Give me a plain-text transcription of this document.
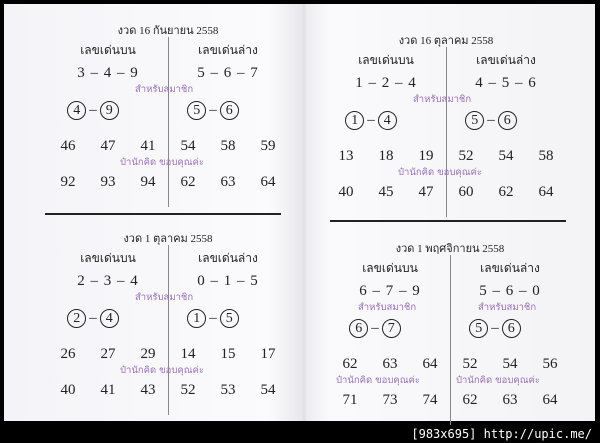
งวด 16 กันยายน 2558
เลขเด่นบน	เลขเด่นล่าง
3 – 4 – 9	5 – 6 – 7
4 – 9
46 47 41
92 93 94
5 – 6
54 58 59
62 63 64
งวด 16 ตุลาคม 2558
เลขเด่นบน	เลขเด่นล่าง
1 – 2 – 4	4 – 5 – 6
1 – 4
13 18 19
40 45 47
5 – 6
52 54 58
60 62 64
งวด 1 ตุลาคม 2558
เลขเด่นบน	เลขเด่นล่าง
2 – 3 – 4	0 – 1 – 5
2 – 4
26 27 29
40 41 43
1 – 5
14 15 17
52 53 54
งวด 1 พฤศจิกายน 2558
เลขเด่นบน	เลขเด่นล่าง
6 – 7 – 9	5 – 6 – 0
6 – 7
62 63 64
71 73 74
5 – 6
52 54 56
62 63 64
สำหรับสมาชิก
ป๋านักคิด ขอบคุณค่ะ
สำหรับสมาชิก
ป๋านักคิด ขอบคุณค่ะ
สำหรับสมาชิก
ป๋านักคิด ขอบคุณค่ะ
สำหรับสมาชิก
ป๋านักคิด ขอบคุณค่ะ
สำหรับสมาชิก
ป๋านักคิด ขอบคุณค่ะ
[983x695] http://upic.me/
